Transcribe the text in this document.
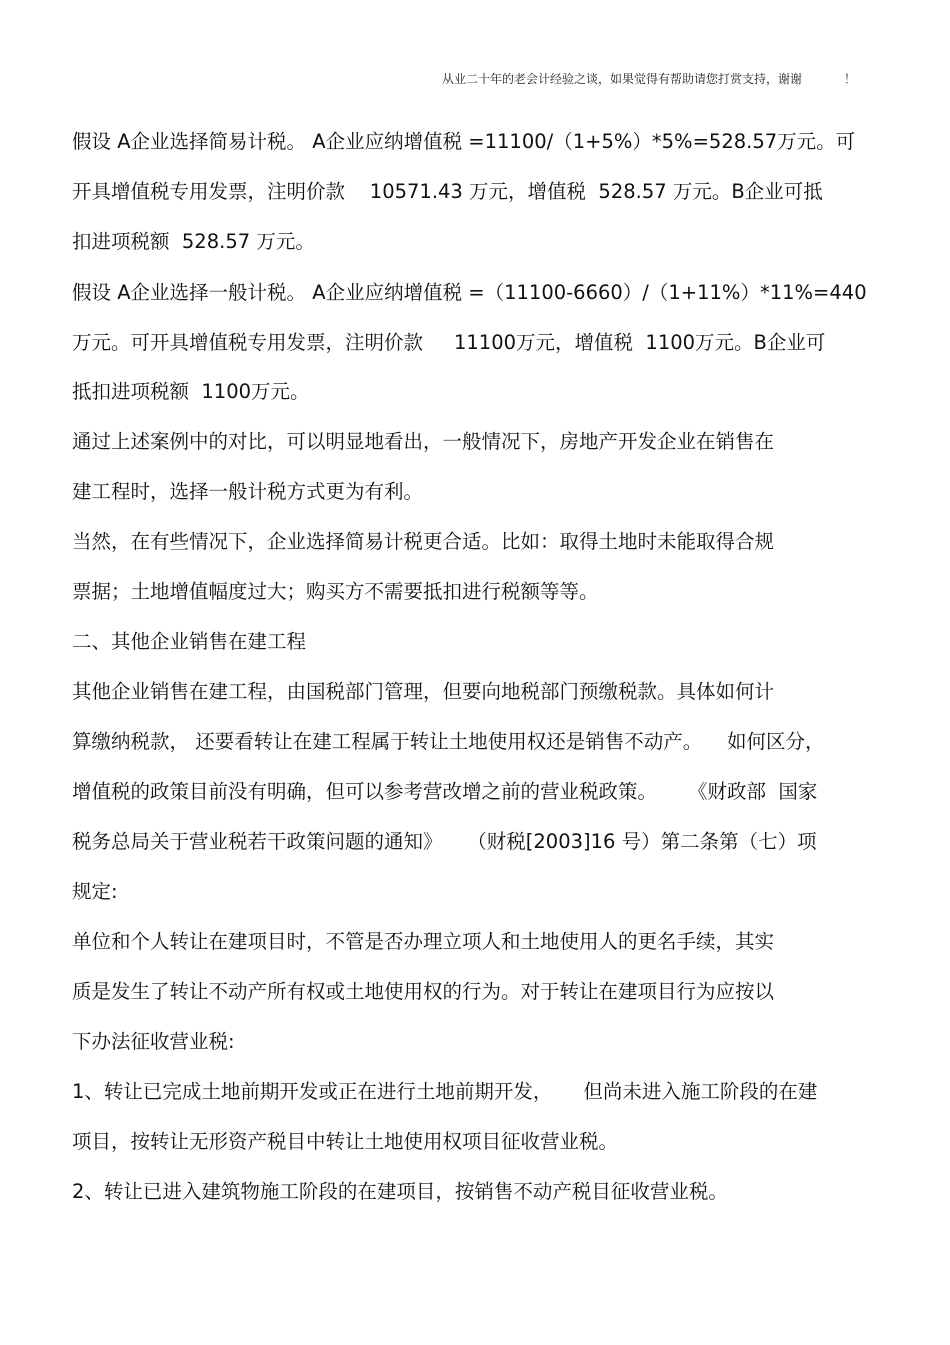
从业二十年的老会计经验之谈，如果觉得有帮助请您打赏支持，谢谢           ！
假设 A企业选择简易计税。 A企业应纳增值税 =11100/（1+5%）*5%=528.57万元。可
开具增值税专用发票，注明价款    10571.43 万元，增值税  528.57 万元。B企业可抵
扣进项税额  528.57 万元。
假设 A企业选择一般计税。 A企业应纳增值税 =（11100-6660）/（1+11%）*11%=440
万元。可开具增值税专用发票，注明价款     11100万元，增值税  1100万元。B企业可
抵扣进项税额  1100万元。
通过上述案例中的对比，可以明显地看出，一般情况下，房地产开发企业在销售在
建工程时，选择一般计税方式更为有利。
当然，在有些情况下，企业选择简易计税更合适。比如：取得土地时未能取得合规
票据；土地增值幅度过大；购买方不需要抵扣进行税额等等。
二、其他企业销售在建工程
其他企业销售在建工程，由国税部门管理，但要向地税部门预缴税款。具体如何计
算缴纳税款， 还要看转让在建工程属于转让土地使用权还是销售不动产。    如何区分，
增值税的政策目前没有明确，但可以参考营改增之前的营业税政策。     《财政部  国家
税务总局关于营业税若干政策问题的通知》    （财税[2003]16 号）第二条第（七）项
规定:
单位和个人转让在建项目时，不管是否办理立项人和土地使用人的更名手续，其实
质是发生了转让不动产所有权或土地使用权的行为。对于转让在建项目行为应按以
下办法征收营业税:
1、转让已完成土地前期开发或正在进行土地前期开发，     但尚未进入施工阶段的在建
项目，按转让无形资产税目中转让土地使用权项目征收营业税。
2、转让已进入建筑物施工阶段的在建项目，按销售不动产税目征收营业税。
